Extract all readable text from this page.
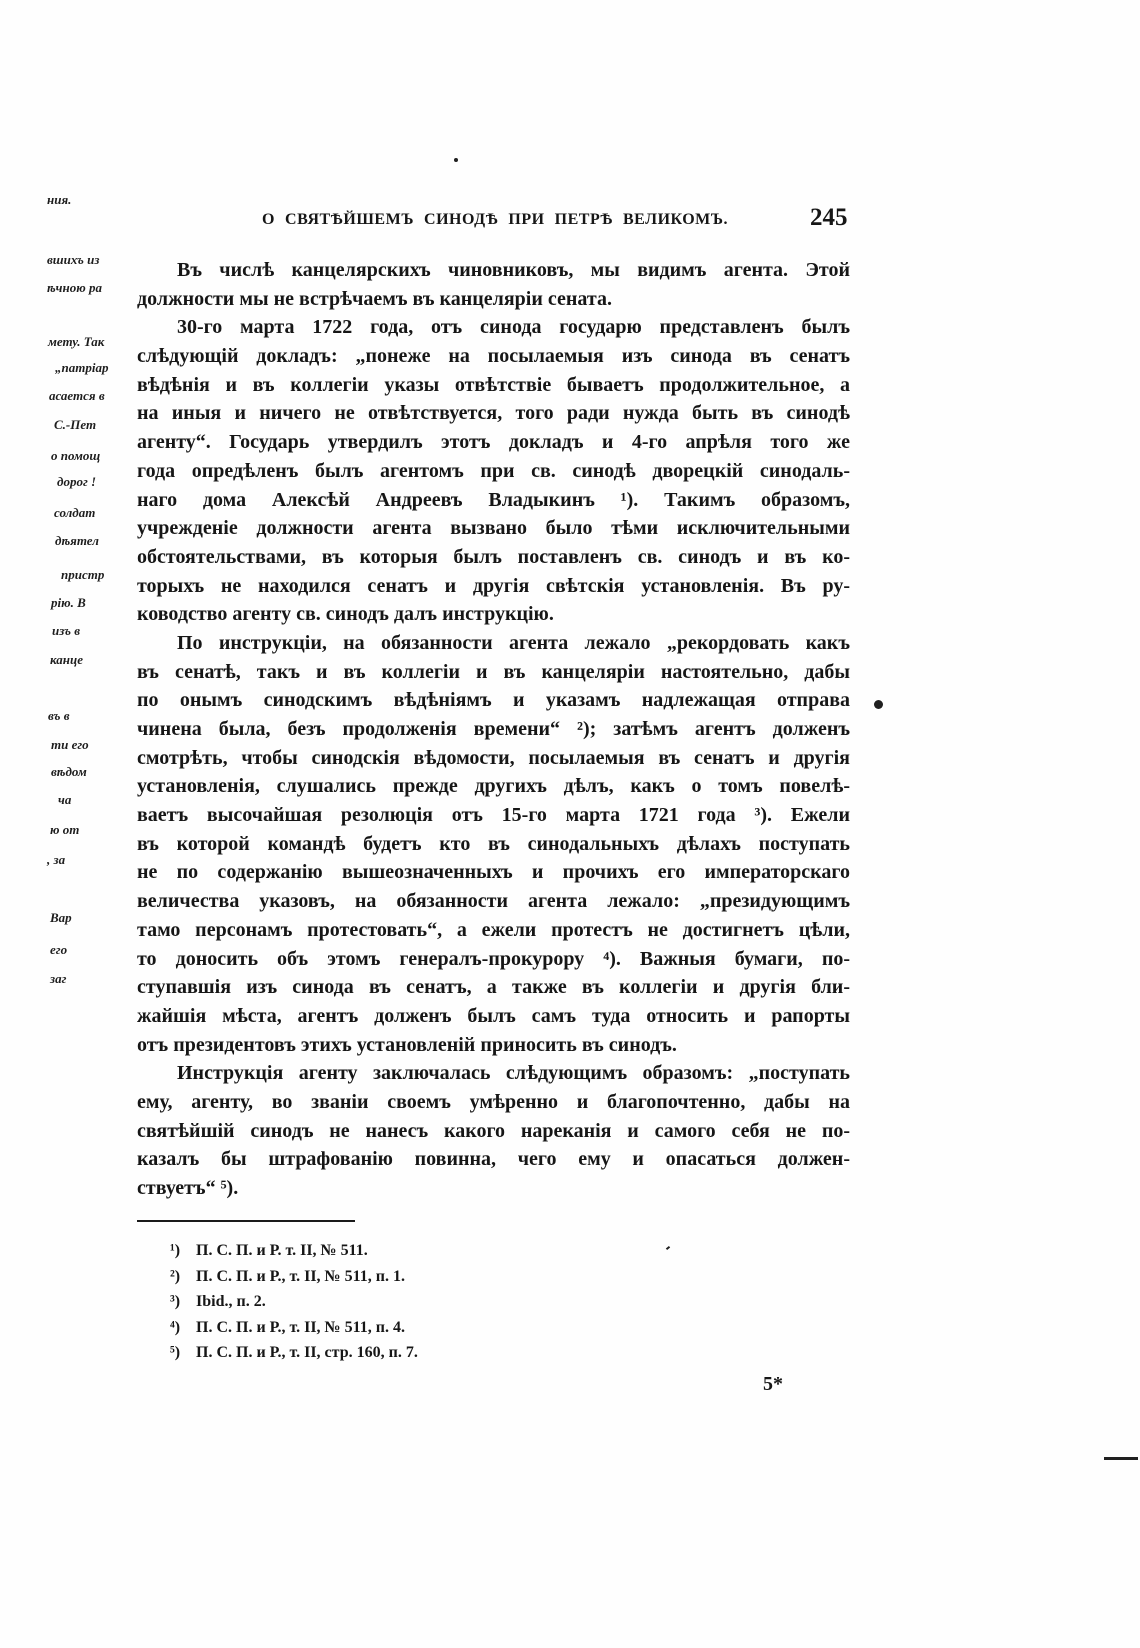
ния.
вшихъ из
ѣчною ра
мету. Так
„патріар
асается в
С.-Пет
о помощ
дорог !
солдат
дѣятел
пристр
рію. В
изъ в
канце
въ в
ти его
вѣдом
ча
ю от
, за
Вар
его
заг
О СВЯТѢЙШЕМЪ СИНОДѢ ПРИ ПЕТРѢ ВЕЛИКОМЪ.	245
Въ числѣ канцелярскихъ чиновниковъ, мы видимъ агента. Этой
должности мы не встрѣчаемъ въ канцеляріи сената.
30-го марта 1722 года, отъ синода государю представленъ былъ
слѣдующій докладъ: „понеже на посылаемыя изъ синода въ сенатъ
вѣдѣнія и въ коллегіи указы отвѣтствіе бываетъ продолжительное, а
на иныя и ничего не отвѣтствуется, того ради нужда быть въ синодѣ
агенту“. Государь утвердилъ этотъ докладъ и 4-го апрѣля того же
года опредѣленъ былъ агентомъ при св. синодѣ дворецкій синодаль-
наго дома Алексѣй Андреевъ Владыкинъ ¹). Такимъ образомъ,
учрежденіе должности агента вызвано было тѣми исключительными
обстоятельствами, въ которыя былъ поставленъ св. синодъ и въ ко-
торыхъ не находился сенатъ и другія свѣтскія установленія. Въ ру-
ководство агенту св. синодъ далъ инструкцію.
По инструкціи, на обязанности агента лежало „рекордовать какъ
въ сенатѣ, такъ и въ коллегіи и въ канцеляріи настоятельно, дабы
по онымъ синодскимъ вѣдѣніямъ и указамъ надлежащая отправа
чинена была, безъ продолженія времени“ ²); затѣмъ агентъ долженъ
смотрѣть, чтобы синодскія вѣдомости, посылаемыя въ сенатъ и другія
установленія, слушались прежде другихъ дѣлъ, какъ о томъ повелѣ-
ваетъ высочайшая резолюція отъ 15-го марта 1721 года ³). Ежели
въ которой командѣ будетъ кто въ синодальныхъ дѣлахъ поступать
не по содержанію вышеозначенныхъ и прочихъ его императорскаго
величества указовъ, на обязанности агента лежало: „президующимъ
тамо персонамъ протестовать“, а ежели протестъ не достигнетъ цѣли,
то доносить объ этомъ генералъ-прокурору ⁴). Важныя бумаги, по-
ступавшія изъ синода въ сенатъ, а также въ коллегіи и другія бли-
жайшія мѣста, агентъ долженъ былъ самъ туда относить и рапорты
отъ президентовъ этихъ установленій приносить въ синодъ.
Инструкція агенту заключалась слѣдующимъ образомъ: „поступать
ему, агенту, во званіи своемъ умѣренно и благопочтенно, дабы на
святѣйшій синодъ не нанесъ какого нареканія и самого себя не по-
казалъ бы штрафованію повинна, чего ему и опасаться должен-
ствуетъ“ ⁵).
¹) П. С. П. и Р. т. II, № 511.
²) П. С. П. и Р., т. II, № 511, п. 1.
³) Ibid., п. 2.
⁴) П. С. П. и Р., т. II, № 511, п. 4.
⁵) П. С. П. и Р., т. II, стр. 160, п. 7.
5*
